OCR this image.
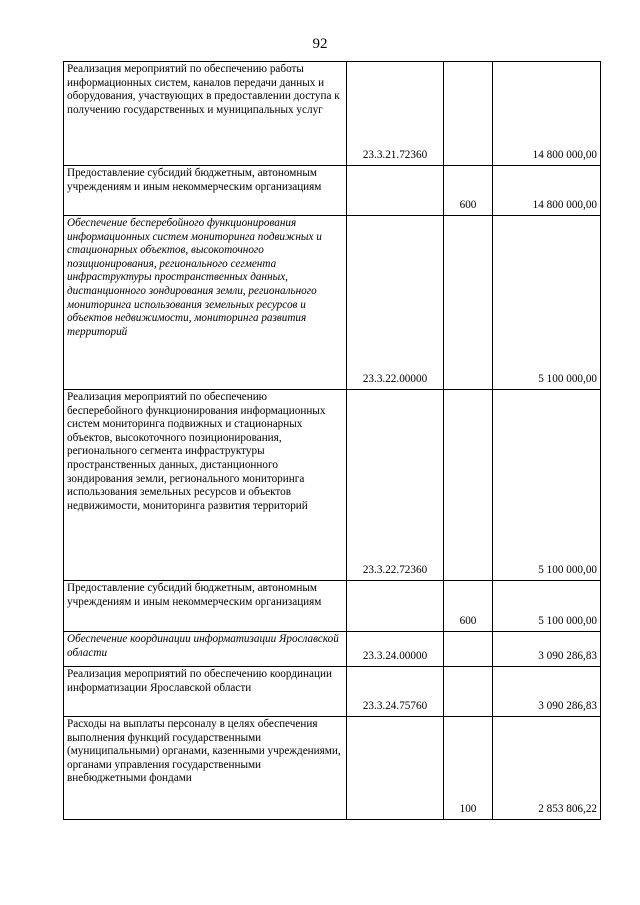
92
Реализация мероприятий по обеспечению работы информационных систем, каналов передачи данных и оборудования, участвующих в предоставлении доступа к получению государственных и муниципальных услуг	23.3.21.72360		14 800 000,00
Предоставление субсидий бюджетным, автономным учреждениям и иным некоммерческим организациям		600	14 800 000,00
Обеспечение бесперебойного функционирования информационных систем мониторинга подвижных и стационарных объектов, высокоточного позиционирования, регионального сегмента инфраструктуры пространственных данных, дистанционного зондирования земли, регионального мониторинга использования земельных ресурсов и объектов недвижимости, мониторинга развития территорий	23.3.22.00000		5 100 000,00
Реализация мероприятий по обеспечению бесперебойного функционирования информационных систем мониторинга подвижных и стационарных объектов, высокоточного позиционирования, регионального сегмента инфраструктуры пространственных данных, дистанционного зондирования земли, регионального мониторинга использования земельных ресурсов и объектов недвижимости, мониторинга развития территорий	23.3.22.72360		5 100 000,00
Предоставление субсидий бюджетным, автономным учреждениям и иным некоммерческим организациям		600	5 100 000,00
Обеспечение координации информатизации Ярославской области	23.3.24.00000		3 090 286,83
Реализация мероприятий по обеспечению координации информатизации Ярославской области	23.3.24.75760		3 090 286,83
Расходы на выплаты персоналу в целях обеспечения выполнения функций государственными (муниципальными) органами, казенными учреждениями, органами управления государственными внебюджетными фондами		100	2 853 806,22
